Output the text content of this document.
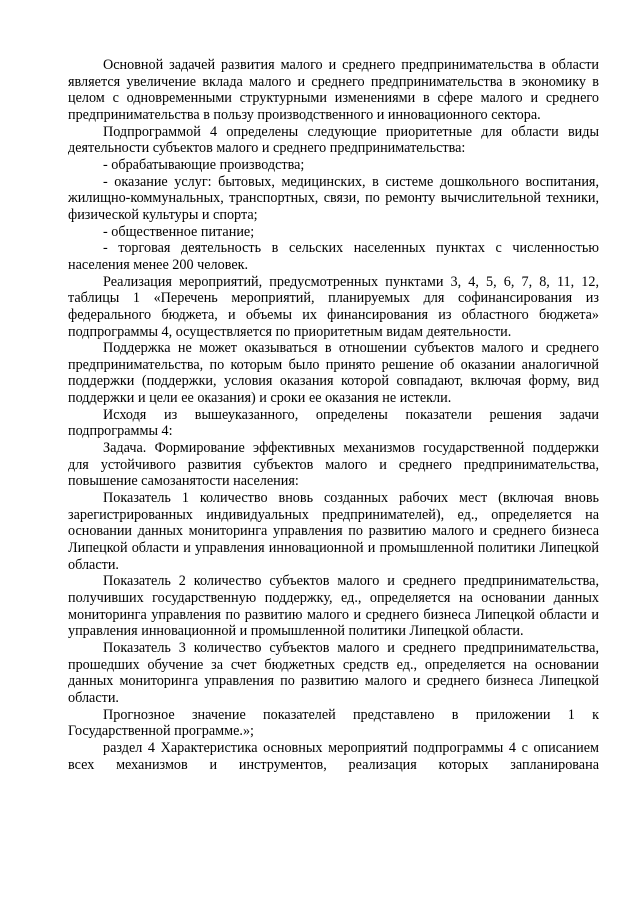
Основной задачей развития малого и среднего предпринимательства в области является увеличение вклада малого и среднего предпринимательства в экономику в целом с одновременными структурными изменениями в сфере малого и среднего предпринимательства в пользу производственного и инновационного сектора.

Подпрограммой 4 определены следующие приоритетные для области виды деятельности субъектов малого и среднего предпринимательства:

- обрабатывающие производства;

- оказание услуг: бытовых, медицинских, в системе дошкольного воспитания, жилищно-коммунальных, транспортных, связи, по ремонту вычислительной техники, физической культуры и спорта;

- общественное питание;

- торговая деятельность в сельских населенных пунктах с численностью населения менее 200 человек.

Реализация мероприятий, предусмотренных пунктами 3, 4, 5, 6, 7, 8, 11, 12, таблицы 1 «Перечень мероприятий, планируемых для софинансирования из федерального бюджета, и объемы их финансирования из областного бюджета» подпрограммы 4, осуществляется по приоритетным видам деятельности.

Поддержка не может оказываться в отношении субъектов малого и среднего предпринимательства, по которым было принято решение об оказании аналогичной поддержки (поддержки, условия оказания которой совпадают, включая форму, вид поддержки и цели ее оказания) и сроки ее оказания не истекли.

Исходя из вышеуказанного, определены показатели решения задачи подпрограммы 4:

Задача. Формирование эффективных механизмов государственной поддержки для устойчивого развития субъектов малого и среднего предпринимательства, повышение самозанятости населения:

Показатель 1 количество вновь созданных рабочих мест (включая вновь зарегистрированных индивидуальных предпринимателей), ед., определяется на основании данных мониторинга управления по развитию малого и среднего бизнеса Липецкой области и управления инновационной и промышленной политики Липецкой области.

Показатель 2 количество субъектов малого и среднего предпринимательства, получивших государственную поддержку, ед., определяется на основании данных мониторинга управления по развитию малого и среднего бизнеса Липецкой области и управления инновационной и промышленной политики Липецкой области.

Показатель 3 количество субъектов малого и среднего предпринимательства, прошедших обучение за счет бюджетных средств ед., определяется на основании данных мониторинга управления по развитию малого и среднего бизнеса Липецкой области.

Прогнозное значение показателей представлено в приложении 1 к Государственной программе.»;

раздел 4 Характеристика основных мероприятий подпрограммы 4 с описанием всех механизмов и инструментов, реализация которых запланирована
